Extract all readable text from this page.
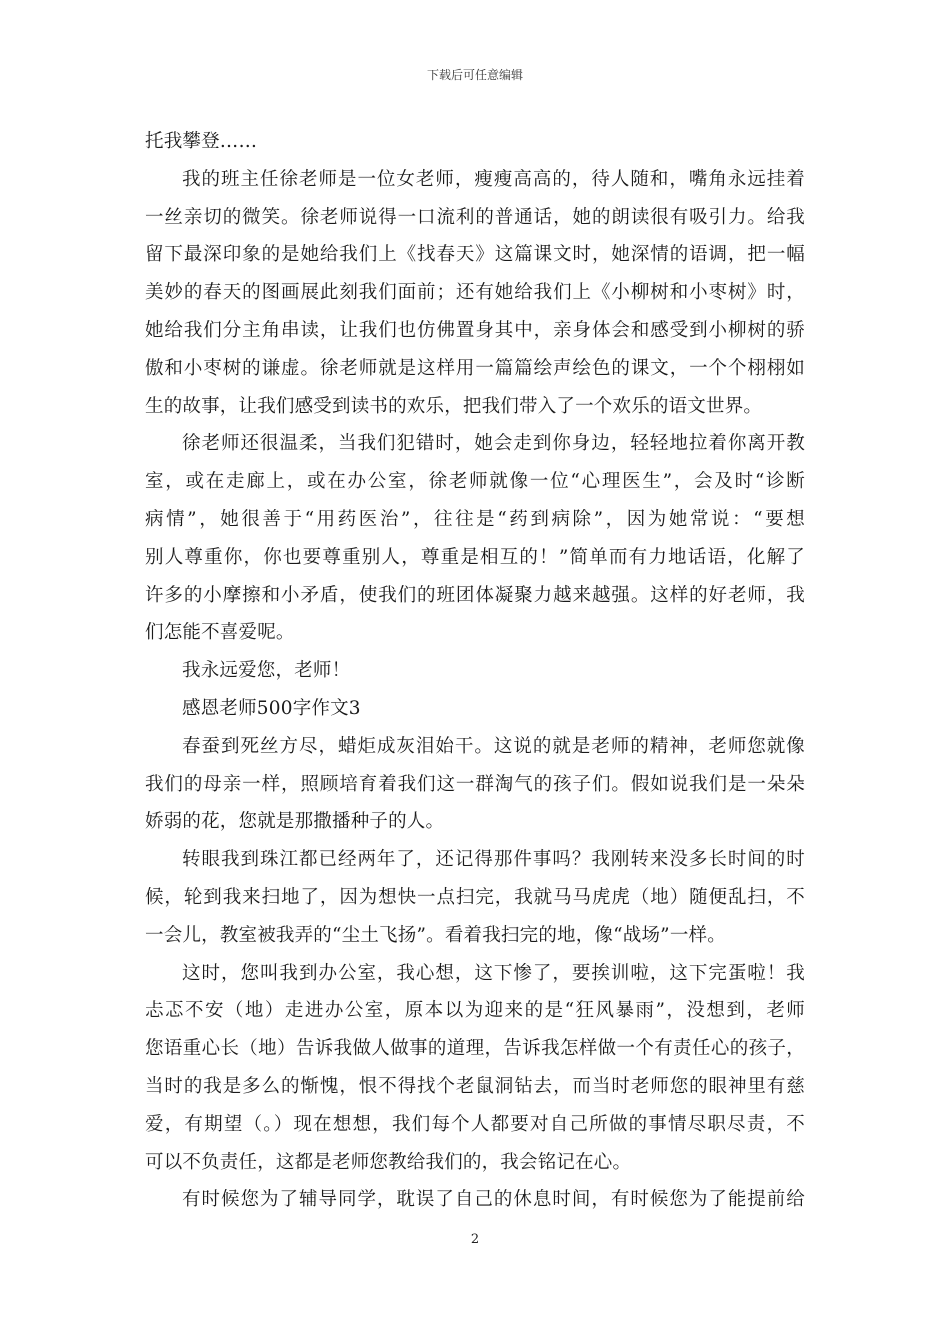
下载后可任意编辑
托我攀登……
我的班主任徐老师是一位女老师，瘦瘦高高的，待人随和，嘴角永远挂着
一丝亲切的微笑。徐老师说得一口流利的普通话，她的朗读很有吸引力。给我
留下最深印象的是她给我们上《找春天》这篇课文时，她深情的语调，把一幅
美妙的春天的图画展此刻我们面前；还有她给我们上《小柳树和小枣树》时，
她给我们分主角串读，让我们也仿佛置身其中，亲身体会和感受到小柳树的骄
傲和小枣树的谦虚。徐老师就是这样用一篇篇绘声绘色的课文，一个个栩栩如
生的故事，让我们感受到读书的欢乐，把我们带入了一个欢乐的语文世界。
徐老师还很温柔，当我们犯错时，她会走到你身边，轻轻地拉着你离开教
室，或在走廊上，或在办公室，徐老师就像一位“心理医生”，会及时“诊断
病情”，她很善于“用药医治”，往往是“药到病除”，因为她常说：“要想
别人尊重你，你也要尊重别人，尊重是相互的！”简单而有力地话语，化解了
许多的小摩擦和小矛盾，使我们的班团体凝聚力越来越强。这样的好老师，我
们怎能不喜爱呢。
我永远爱您，老师！
感恩老师500字作文3
春蚕到死丝方尽，蜡炬成灰泪始干。这说的就是老师的精神，老师您就像
我们的母亲一样，照顾培育着我们这一群淘气的孩子们。假如说我们是一朵朵
娇弱的花，您就是那撒播种子的人。
转眼我到珠江都已经两年了，还记得那件事吗？我刚转来没多长时间的时
候，轮到我来扫地了，因为想快一点扫完，我就马马虎虎（地）随便乱扫，不
一会儿，教室被我弄的“尘土飞扬”。看着我扫完的地，像“战场”一样。
这时，您叫我到办公室，我心想，这下惨了，要挨训啦，这下完蛋啦！我
忐忑不安（地）走进办公室，原本以为迎来的是“狂风暴雨”，没想到，老师
您语重心长（地）告诉我做人做事的道理，告诉我怎样做一个有责任心的孩子，
当时的我是多么的惭愧，恨不得找个老鼠洞钻去，而当时老师您的眼神里有慈
爱，有期望（。）现在想想，我们每个人都要对自己所做的事情尽职尽责，不
可以不负责任，这都是老师您教给我们的，我会铭记在心。
有时候您为了辅导同学，耽误了自己的休息时间，有时候您为了能提前给
2
